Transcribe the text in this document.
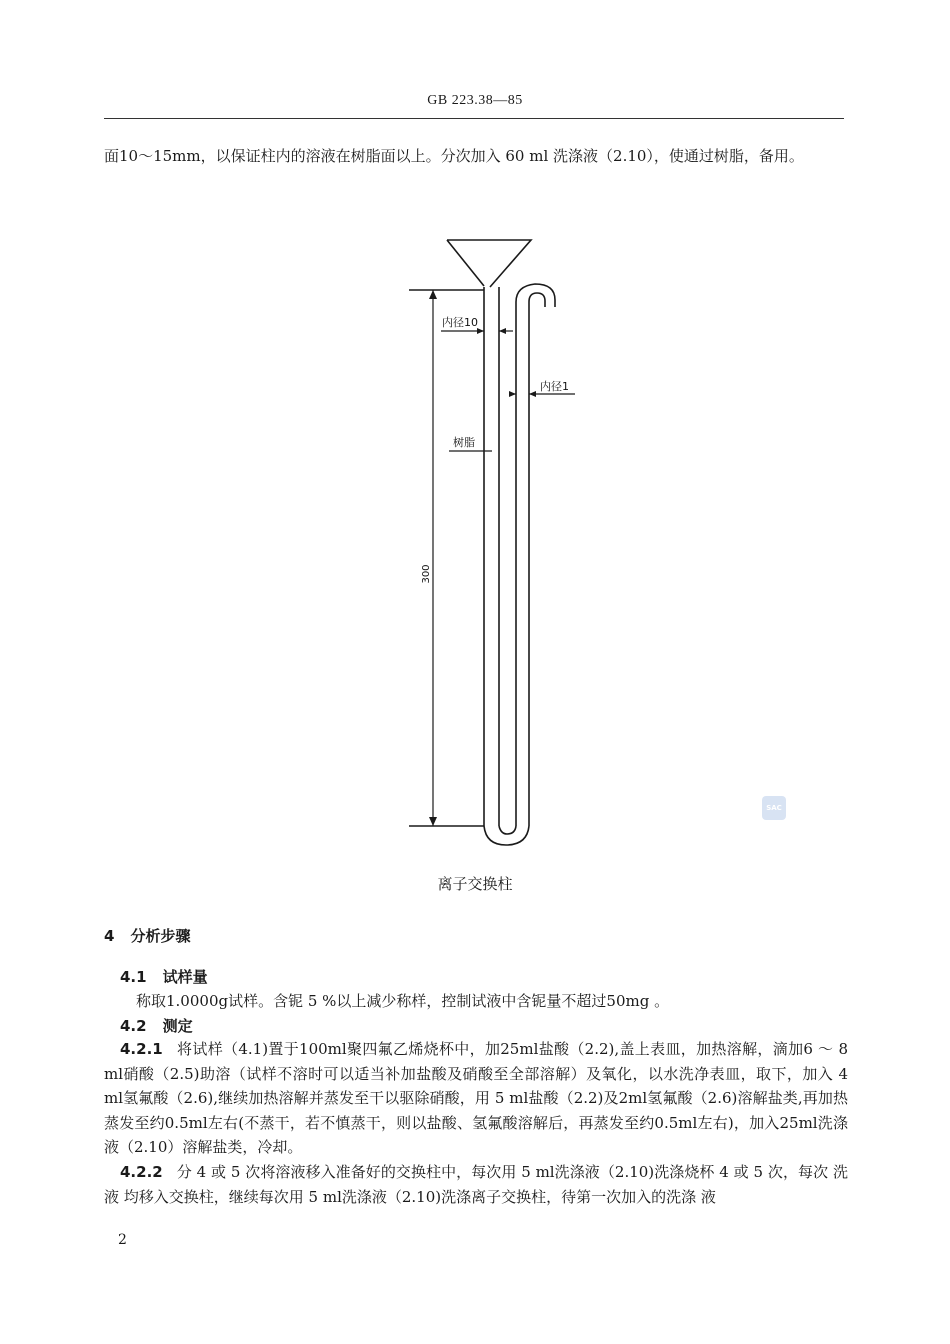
GB 223.38—85
面10～15mm，以保证柱内的溶液在树脂面以上。分次加入 60 ml 洗涤液（2.10），使通过树脂，备用。
内径10
内径1
树脂
300
离子交换柱
4 分析步骤
4.1 试样量
称取1.0000g试样。含铌 5 %以上减少称样，控制试液中含铌量不超过50mg 。
4.2 测定
4.2.1 将试样（4.1)置于100ml聚四氟乙烯烧杯中，加25ml盐酸（2.2),盖上表皿，加热溶解，滴加6 ～ 8 ml硝酸（2.5)助溶（试样不溶时可以适当补加盐酸及硝酸至全部溶解）及氧化，以水洗净表皿，取下，加入 4 ml氢氟酸（2.6),继续加热溶解并蒸发至干以驱除硝酸，用 5 ml盐酸（2.2)及2ml氢氟酸（2.6)溶解盐类,再加热蒸发至约0.5ml左右(不蒸干，若不慎蒸干，则以盐酸、氢氟酸溶解后，再蒸发至约0.5ml左右)，加入25ml洗涤液（2.10）溶解盐类，冷却。
4.2.2 分 4 或 5 次将溶液移入准备好的交换柱中，每次用 5 ml洗涤液（2.10)洗涤烧杯 4 或 5 次，每次 洗 液 均移入交换柱，继续每次用 5 ml洗涤液（2.10)洗涤离子交换柱，待第一次加入的洗涤 液
SAC
2
